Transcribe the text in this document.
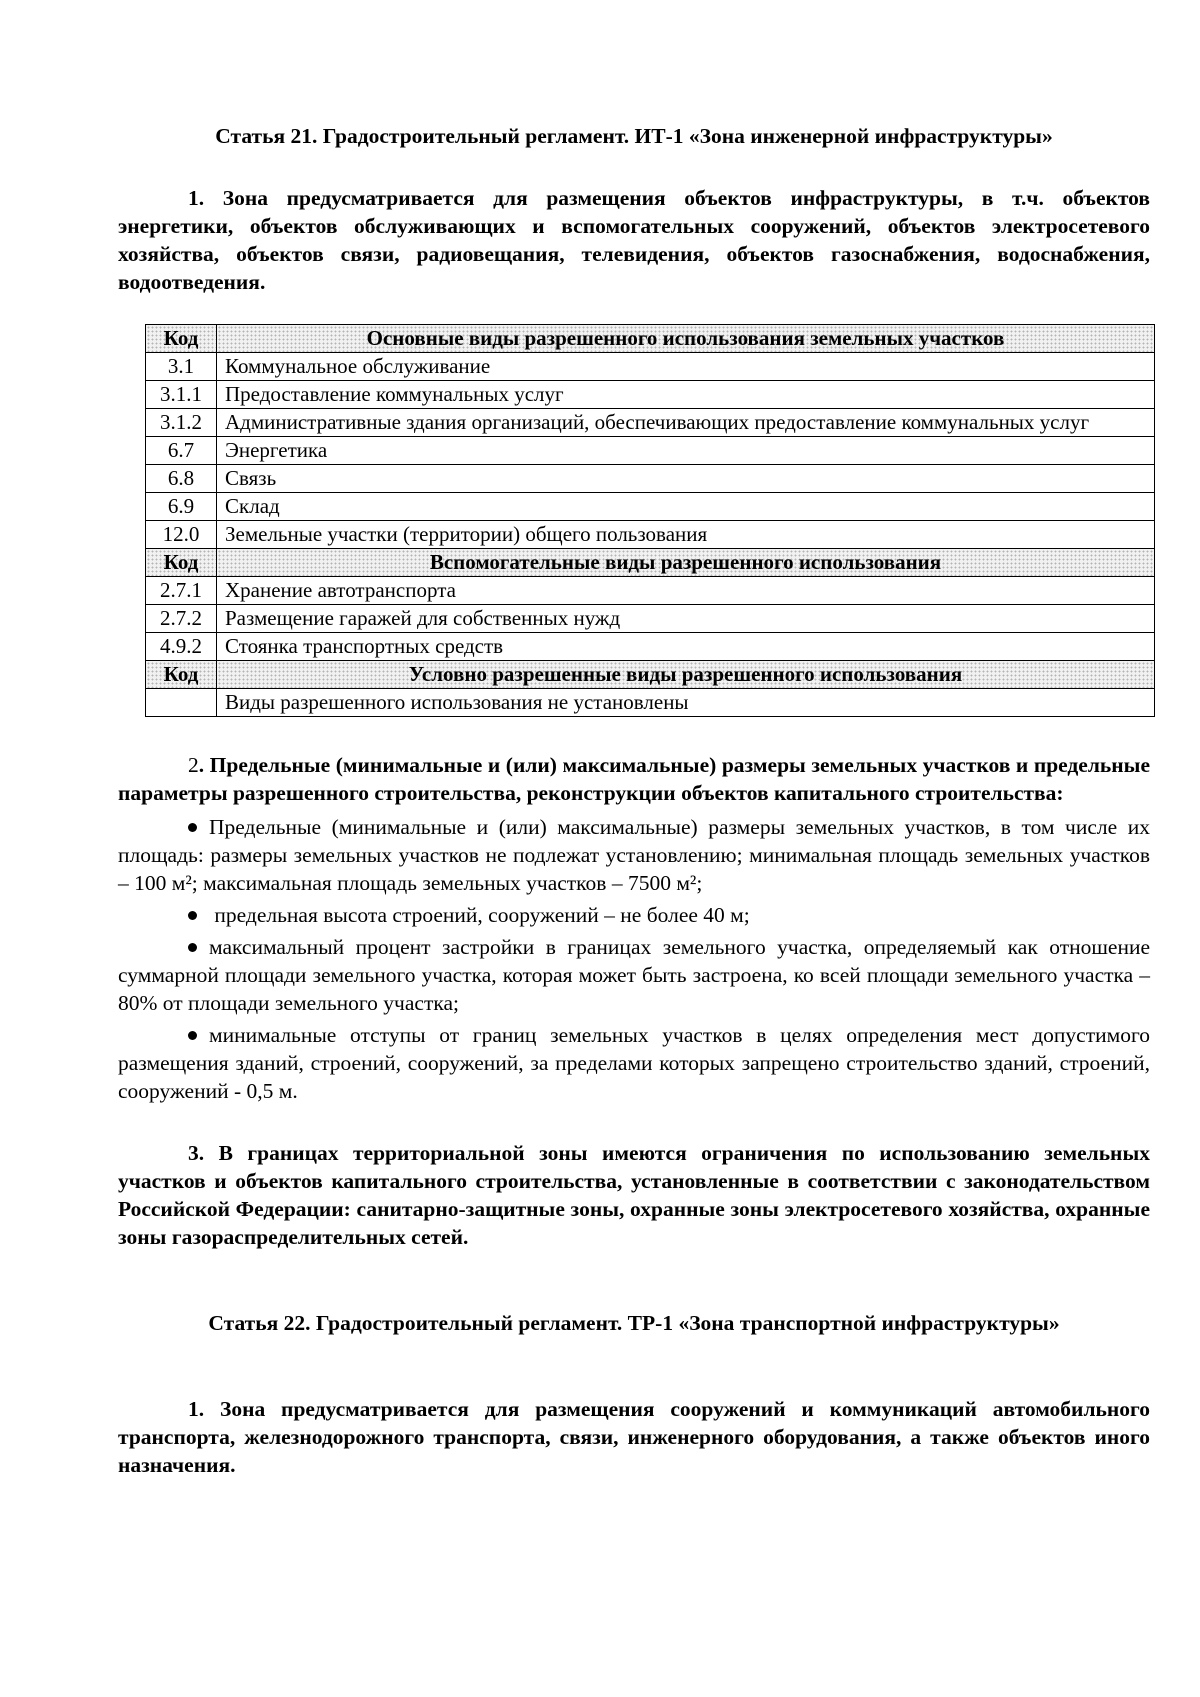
Статья 21. Градостроительный регламент. ИТ-1 «Зона инженерной инфраструктуры»

1. Зона предусматривается для размещения объектов инфраструктуры, в т.ч. объектов энергетики, объектов обслуживающих и вспомогательных сооружений, объектов электросетевого хозяйства, объектов связи, радиовещания, телевидения, объектов газоснабжения, водоснабжения, водоотведения.

Код	Основные виды разрешенного использования земельных участков
3.1	Коммунальное обслуживание
3.1.1	Предоставление коммунальных услуг
3.1.2	Административные здания организаций, обеспечивающих предоставление коммунальных услуг
6.7	Энергетика
6.8	Связь
6.9	Склад
12.0	Земельные участки (территории) общего пользования
Код	Вспомогательные виды разрешенного использования
2.7.1	Хранение автотранспорта
2.7.2	Размещение гаражей для собственных нужд
4.9.2	Стоянка транспортных средств
Код	Условно разрешенные виды разрешенного использования
	Виды разрешенного использования не установлены

2. Предельные (минимальные и (или) максимальные) размеры земельных участков и предельные параметры разрешенного строительства, реконструкции объектов капитального строительства:

Предельные (минимальные и (или) максимальные) размеры земельных участков, в том числе их площадь: размеры земельных участков не подлежат установлению; минимальная площадь земельных участков – 100 м²; максимальная площадь земельных участков – 7500 м²;
предельная высота строений, сооружений – не более 40 м;
максимальный процент застройки в границах земельного участка, определяемый как отношение суммарной площади земельного участка, которая может быть застроена, ко всей площади земельного участка – 80% от площади земельного участка;
минимальные отступы от границ земельных участков в целях определения мест допустимого размещения зданий, строений, сооружений, за пределами которых запрещено строительство зданий, строений, сооружений - 0,5 м.

3. В границах территориальной зоны имеются ограничения по использованию земельных участков и объектов капитального строительства, установленные в соответствии с законодательством Российской Федерации: санитарно-защитные зоны, охранные зоны электросетевого хозяйства, охранные зоны газораспределительных сетей.

Статья 22. Градостроительный регламент. ТР-1 «Зона транспортной инфраструктуры»

1. Зона предусматривается для размещения сооружений и коммуникаций автомобильного транспорта, железнодорожного транспорта, связи, инженерного оборудования, а также объектов иного назначения.
